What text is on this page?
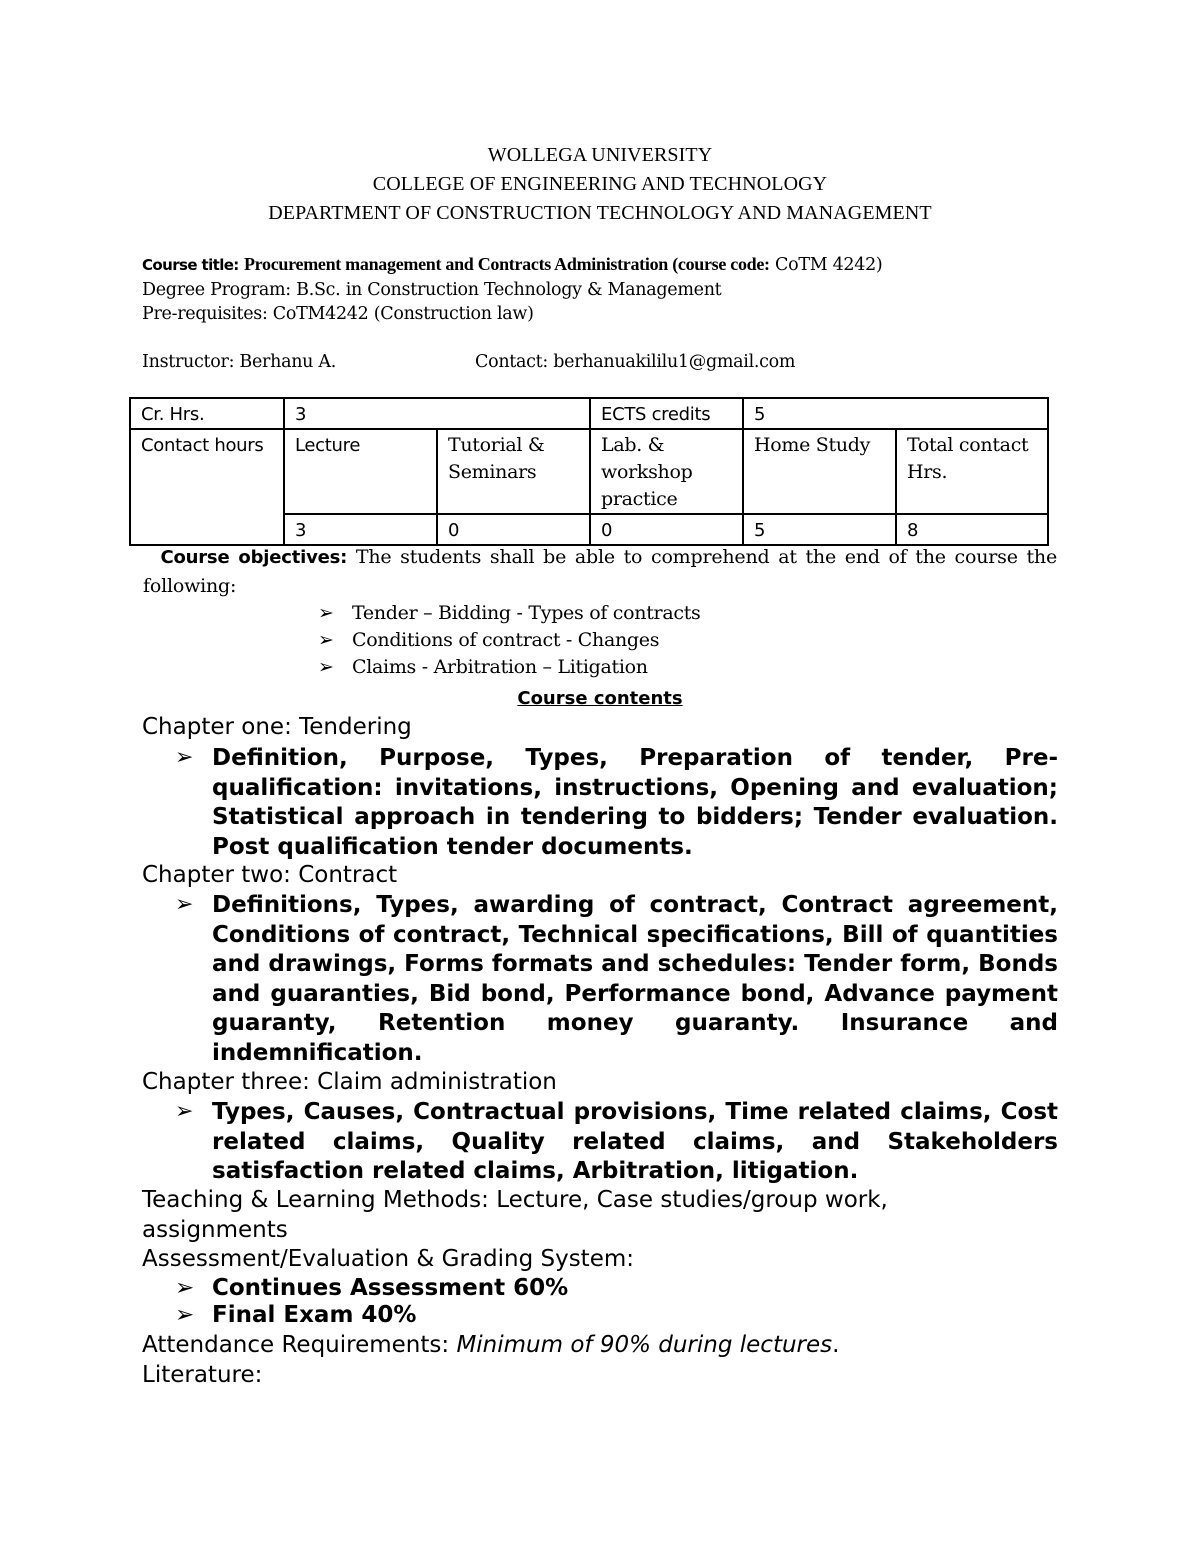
WOLLEGA UNIVERSITY
COLLEGE OF ENGINEERING AND TECHNOLOGY
DEPARTMENT OF CONSTRUCTION TECHNOLOGY AND MANAGEMENT
Course title: Procurement management and Contracts Administration (course code: CoTM 4242)
Degree Program: B.Sc. in Construction Technology & Management
Pre-requisites: CoTM4242 (Construction law)
Instructor: Berhanu A.	Contact: berhanuakililu1@gmail.com
Cr. Hrs.	3		ECTS credits	5	
Contact hours	Lecture	Tutorial & Seminars	Lab. & workshop practice	Home Study	Total contact Hrs.
	3	0	0	5	8
Course objectives: The students shall be able to comprehend at the end of the course the following:
➢ Tender – Bidding - Types of contracts
➢ Conditions of contract - Changes
➢ Claims - Arbitration – Litigation
Course contents
Chapter one: Tendering
➢ Definition, Purpose, Types, Preparation of tender, Pre-qualification: invitations, instructions, Opening and evaluation; Statistical approach in tendering to bidders; Tender evaluation. Post qualification tender documents.
Chapter two: Contract
➢ Definitions, Types, awarding of contract, Contract agreement, Conditions of contract, Technical specifications, Bill of quantities and drawings, Forms formats and schedules: Tender form, Bonds and guaranties, Bid bond, Performance bond, Advance payment guaranty, Retention money guaranty. Insurance and indemnification.
Chapter three: Claim administration
➢ Types, Causes, Contractual provisions, Time related claims, Cost related claims, Quality related claims, and Stakeholders satisfaction related claims, Arbitration, litigation.
Teaching & Learning Methods: Lecture, Case studies/group work, assignments
Assessment/Evaluation & Grading System:
➢ Continues Assessment 60%
➢ Final Exam 40%
Attendance Requirements: Minimum of 90% during lectures.
Literature:
